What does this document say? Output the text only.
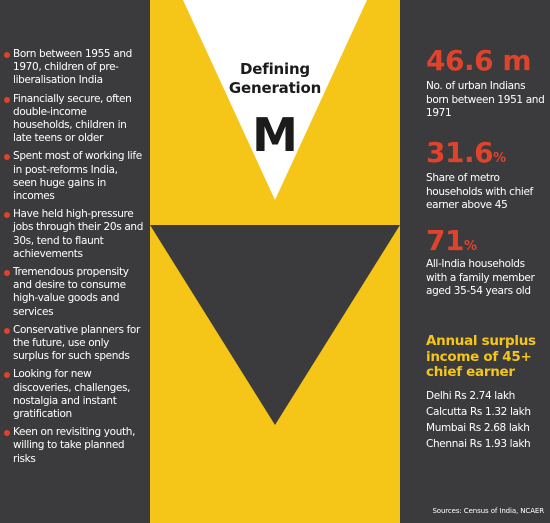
Defining
Generation
M
Born between 1955 and 1970, children of pre-liberalisation India
Financially secure, often double-income households, children in late teens or older
Spent most of working life in post-reforms India, seen huge gains in incomes
Have held high-pressure jobs through their 20s and 30s, tend to flaunt achievements
Tremendous propensity and desire to consume high-value goods and services
Conservative planners for the future, use only surplus for such spends
Looking for new discoveries, challenges, nostalgia and instant gratification
Keen on revisiting youth, willing to take planned risks
46.6 m
No. of urban Indians born between 1951 and 1971
31.6%
Share of metro households with chief earner above 45
71%
All-India households with a family member aged 35-54 years old
Annual surplus income of 45+ chief earner
Delhi Rs 2.74 lakh
Calcutta Rs 1.32 lakh
Mumbai Rs 2.68 lakh
Chennai Rs 1.93 lakh
Sources: Census of India, NCAER
